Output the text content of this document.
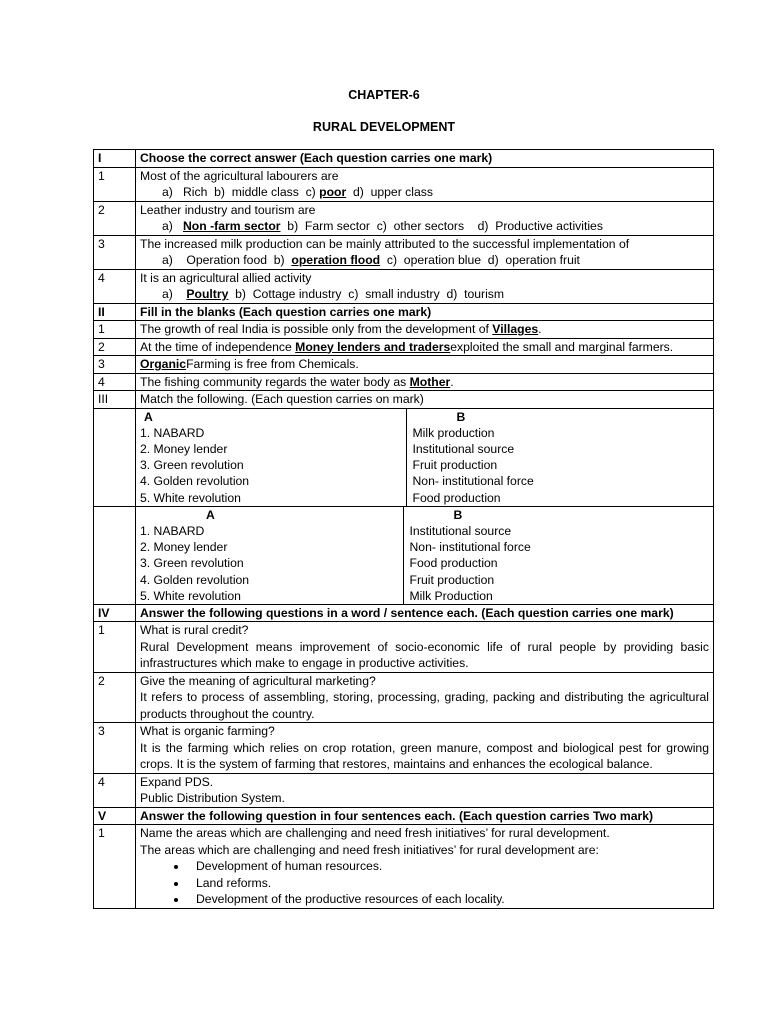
CHAPTER-6
RURAL DEVELOPMENT
I	Choose the correct answer (Each question carries one mark)
1	Most of the agricultural labourers are
a)   Rich  b)  middle class  c) poor  d)  upper class

2	Leather industry and tourism are
a)   Non -farm sector  b)  Farm sector  c)  other sectors    d)  Productive activities

3	The increased milk production can be mainly attributed to the successful implementation of
a)    Operation food  b)  operation flood  c)  operation blue  d)  operation fruit

4	It is an agricultural allied activity
a)    Poultry  b)  Cottage industry  c)  small industry  d)  tourism

II	Fill in the blanks (Each question carries one mark)
1	The growth of real India is possible only from the development of Villages.
2	At the time of independence Money lenders and tradersexploited the small and marginal farmers.
3	OrganicFarming is free from Chemicals.
4	The fishing community regards the water body as Mother.
III	Match the following. (Each question carries on mark)

A	B

1. NABARD	Milk production
2. Money lender	Institutional source
3. Green revolution	Fruit production
4. Golden revolution	Non- institutional force
5. White revolution	Food production

A	B

1. NABARD	Institutional source
2. Money lender	Non- institutional force
3. Green revolution	Food production
4. Golden revolution	Fruit production
5. White revolution	Milk Production

IV	Answer the following questions in a word / sentence each. (Each question carries one mark)
1	What is rural credit?
Rural Development means improvement of socio-economic life of rural people by providing basic infrastructures which make to engage in productive activities.

2	Give the meaning of agricultural marketing?
It refers to process of assembling, storing, processing, grading, packing and distributing the agricultural products throughout the country.

3	What is organic farming?
It is the farming which relies on crop rotation, green manure, compost and biological pest for growing crops. It is the system of farming that restores, maintains and enhances the ecological balance.

4	Expand PDS.
Public Distribution System.

V	Answer the following question in four sentences each. (Each question carries Two mark)
1	Name the areas which are challenging and need fresh initiatives’ for rural development.
The areas which are challenging and need fresh initiatives’ for rural development are:
• Development of human resources.
• Land reforms.
• Development of the productive resources of each locality.
